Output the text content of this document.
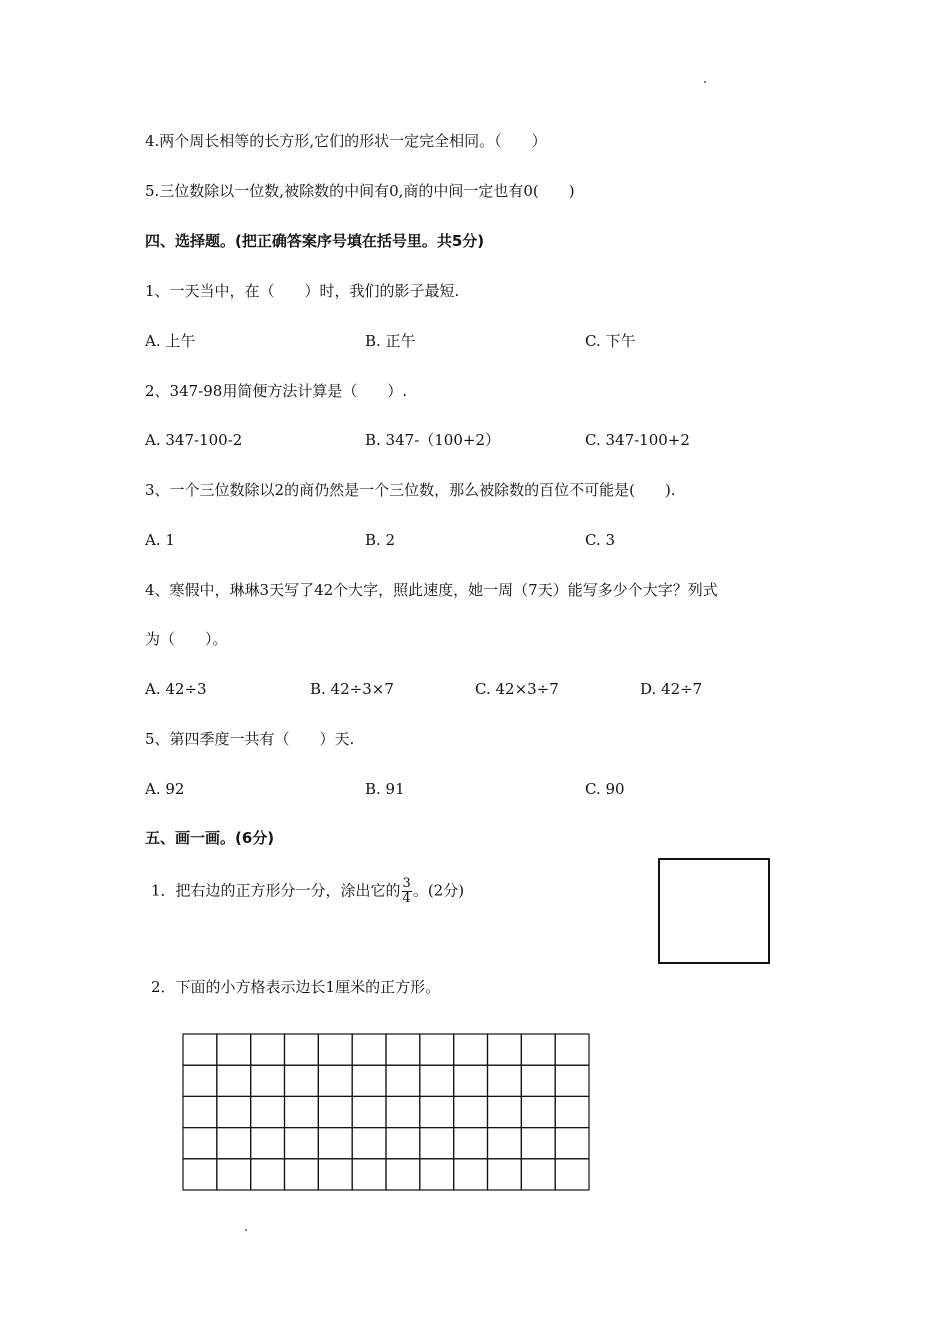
4.两个周长相等的长方形,它们的形状一定完全相同。（　　）
5.三位数除以一位数,被除数的中间有0,商的中间一定也有0(　　)
四、选择题。(把正确答案序号填在括号里。共5分)
1、一天当中，在（　　）时，我们的影子最短.
A. 上午	B. 正午	C. 下午
2、347-98用简便方法计算是（　　）.
A. 347-100-2	B. 347-（100+2）	C. 347-100+2
3、一个三位数除以2的商仍然是一个三位数，那么被除数的百位不可能是(　　).
A. 1	B. 2	C. 3
4、寒假中，琳琳3天写了42个大字，照此速度，她一周（7天）能写多少个大字？列式
为（　　）。
A. 42÷3	B. 42÷3×7	C. 42×3÷7	D. 42÷7
5、第四季度一共有（　　）天.
A. 92	B. 91	C. 90
五、画一画。(6分)
1．把右边的正方形分一分，涂出它的 $\frac{3}{4}$ 。(2分)
2．下面的小方格表示边长1厘米的正方形。
